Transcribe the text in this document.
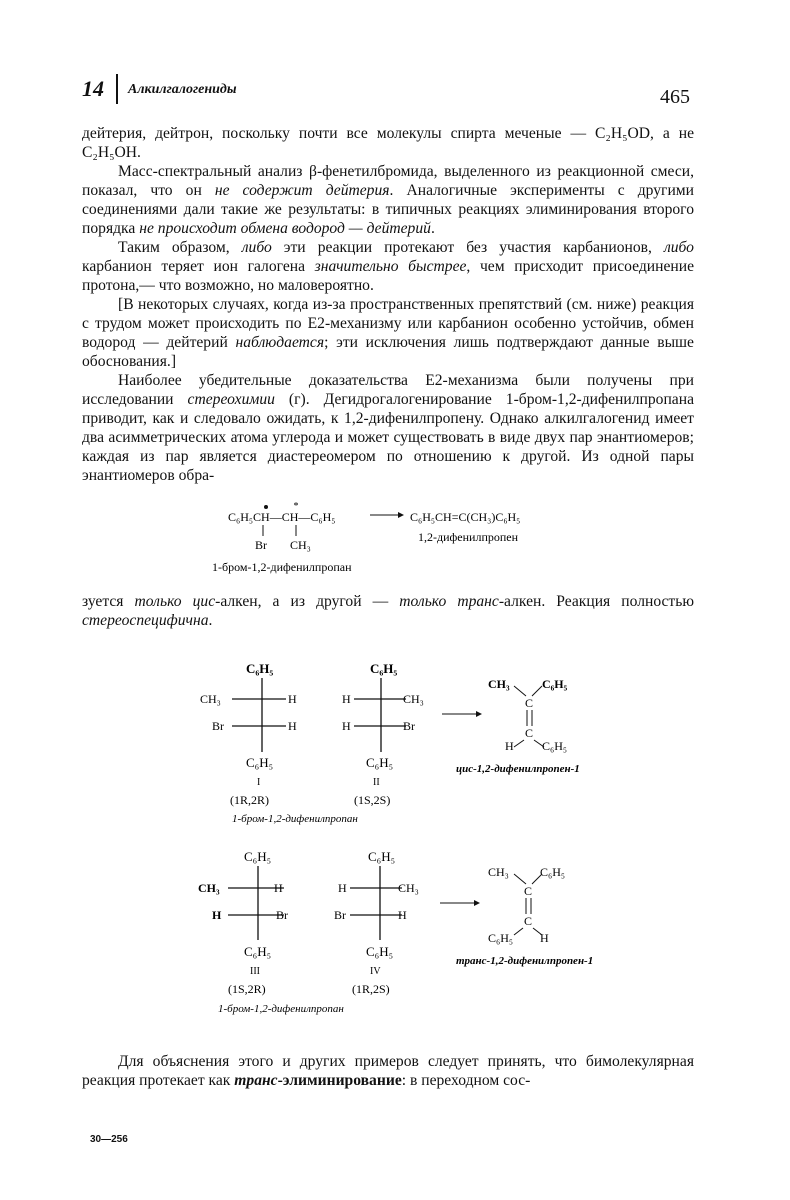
14 Алкилгалогениды	465

дейтерия, дейтрон, поскольку почти все молекулы спирта меченые — C₂H₅OD, а не C₂H₅OH.

Масс-спектральный анализ β-фенетилбромида, выделенного из реакционной смеси, показал, что он не содержит дейтерия. Аналогичные эксперименты с другими соединениями дали такие же результаты: в типичных реакциях элиминирования второго порядка не происходит обмена водород — дейтерий.

Таким образом, либо эти реакции протекают без участия карбанионов, либо карбанион теряет ион галогена значительно быстрее, чем присходит присоединение протона,— что возможно, но маловероятно.

[В некоторых случаях, когда из-за пространственных препятствий (см. ниже) реакция с трудом может происходить по E2-механизму или карбанион особенно устойчив, обмен водород — дейтерий наблюдается; эти исключения лишь подтверждают данные выше обоснования.]

Наиболее убедительные доказательства E2-механизма были получены при исследовании стереохимии (г). Дегидрогалогенирование 1-бром-1,2-дифенилпропана приводит, как и следовало ожидать, к 1,2-дифенилпропену. Однако алкилгалогенид имеет два асимметрических атома углерода и может существовать в виде двух пар энантиомеров; каждая из пар является диастереомером по отношению к другой. Из одной пары энантиомеров обра-

C₆H₅CH—CH—C₆H₅
*
Br CH₃
1-бром-1,2-дифенилпропан
C₆H₅CH=C(CH₃)C₆H₅
1,2-дифенилпропен

зуется только цис-алкен, а из другой — только транс-алкен. Реакция полностью стереоспецифична.

C₆H₅
CH₃	H
Br	H
C₆H₅
I
(1R,2R)
C₆H₅
H	CH₃
H	Br
C₆H₅
II
(1S,2S)
1-бром-1,2-дифенилпропан
CH₃	C₆H₅
C
C
H C₆H₅
цис-1,2-дифенилпропен-1
C₆H₅
CH₃	H
H	Br
C₆H₅
III
(1S,2R)
C₆H₅
H	CH₃
Br	H
C₆H₅
IV
(1R,2S)
1-бром-1,2-дифенилпропан
CH₃	C₆H₅
C
C
C₆H₅ H
транс-1,2-дифенилпропен-1

Для объяснения этого и других примеров следует принять, что бимолекулярная реакция протекает как транс-элиминирование: в переходном сос-

30—256
